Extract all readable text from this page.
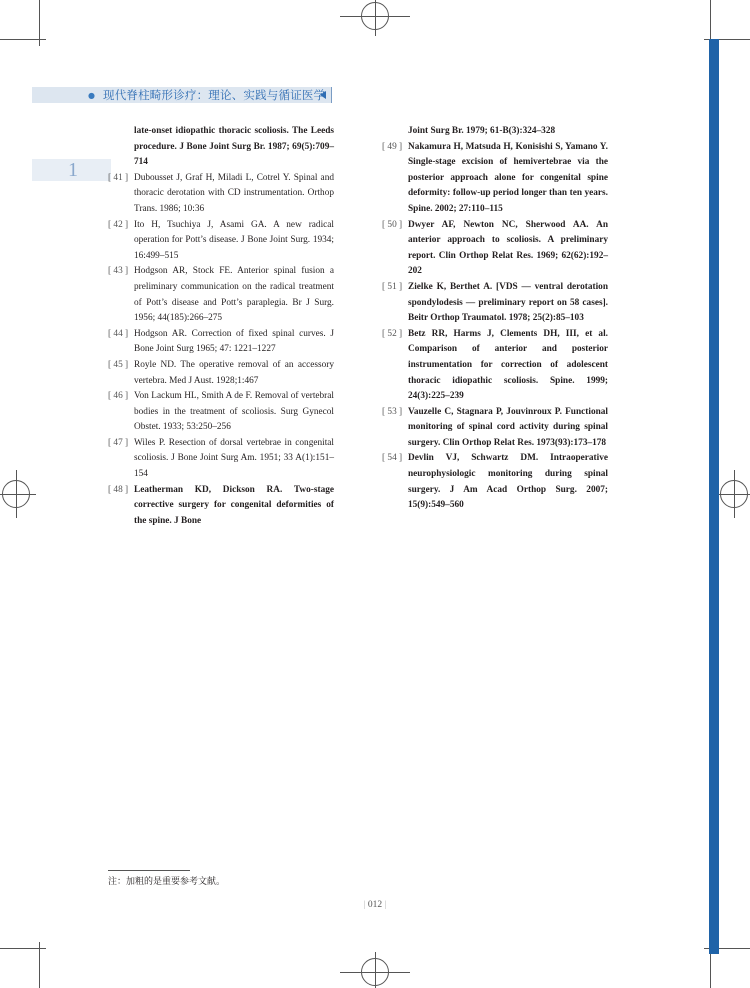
● 现代脊柱畸形诊疗：理论、实践与循证医学
1
late-onset idiopathic thoracic scoliosis. The Leeds procedure. J Bone Joint Surg Br. 1987; 69(5):709–714
[ 41 ] Dubousset J, Graf H, Miladi L, Cotrel Y. Spinal and thoracic derotation with CD instrumentation. Orthop Trans. 1986; 10:36
[ 42 ] Ito H, Tsuchiya J, Asami GA. A new radical operation for Pott’s disease. J Bone Joint Surg. 1934; 16:499–515
[ 43 ] Hodgson AR, Stock FE. Anterior spinal fusion a preliminary communication on the radical treatment of Pott’s disease and Pott’s paraplegia. Br J Surg. 1956; 44(185):266–275
[ 44 ] Hodgson AR. Correction of fixed spinal curves. J Bone Joint Surg 1965; 47: 1221–1227
[ 45 ] Royle ND. The operative removal of an accessory vertebra. Med J Aust. 1928;1:467
[ 46 ] Von Lackum HL, Smith A de F. Removal of vertebral bodies in the treatment of scoliosis. Surg Gynecol Obstet. 1933; 53:250–256
[ 47 ] Wiles P. Resection of dorsal vertebrae in congenital scoliosis. J Bone Joint Surg Am. 1951; 33 A(1):151–154
[ 48 ] Leatherman KD, Dickson RA. Two-stage corrective surgery for congenital deformities of the spine. J Bone
Joint Surg Br. 1979; 61-B(3):324–328
[ 49 ] Nakamura H, Matsuda H, Konisishi S, Yamano Y. Single-stage excision of hemivertebrae via the posterior approach alone for congenital spine deformity: follow-up period longer than ten years. Spine. 2002; 27:110–115
[ 50 ] Dwyer AF, Newton NC, Sherwood AA. An anterior approach to scoliosis. A preliminary report. Clin Orthop Relat Res. 1969; 62(62):192–202
[ 51 ] Zielke K, Berthet A. [VDS — ventral derotation spondylodesis — preliminary report on 58 cases]. Beitr Orthop Traumatol. 1978; 25(2):85–103
[ 52 ] Betz RR, Harms J, Clements DH, III, et al. Comparison of anterior and posterior instrumentation for correction of adolescent thoracic idiopathic scoliosis. Spine. 1999; 24(3):225–239
[ 53 ] Vauzelle C, Stagnara P, Jouvinroux P. Functional monitoring of spinal cord activity during spinal surgery. Clin Orthop Relat Res. 1973(93):173–178
[ 54 ] Devlin VJ, Schwartz DM. Intraoperative neurophysiologic monitoring during spinal surgery. J Am Acad Orthop Surg. 2007; 15(9):549–560
注：加粗的是重要参考文献。
| 012 |
